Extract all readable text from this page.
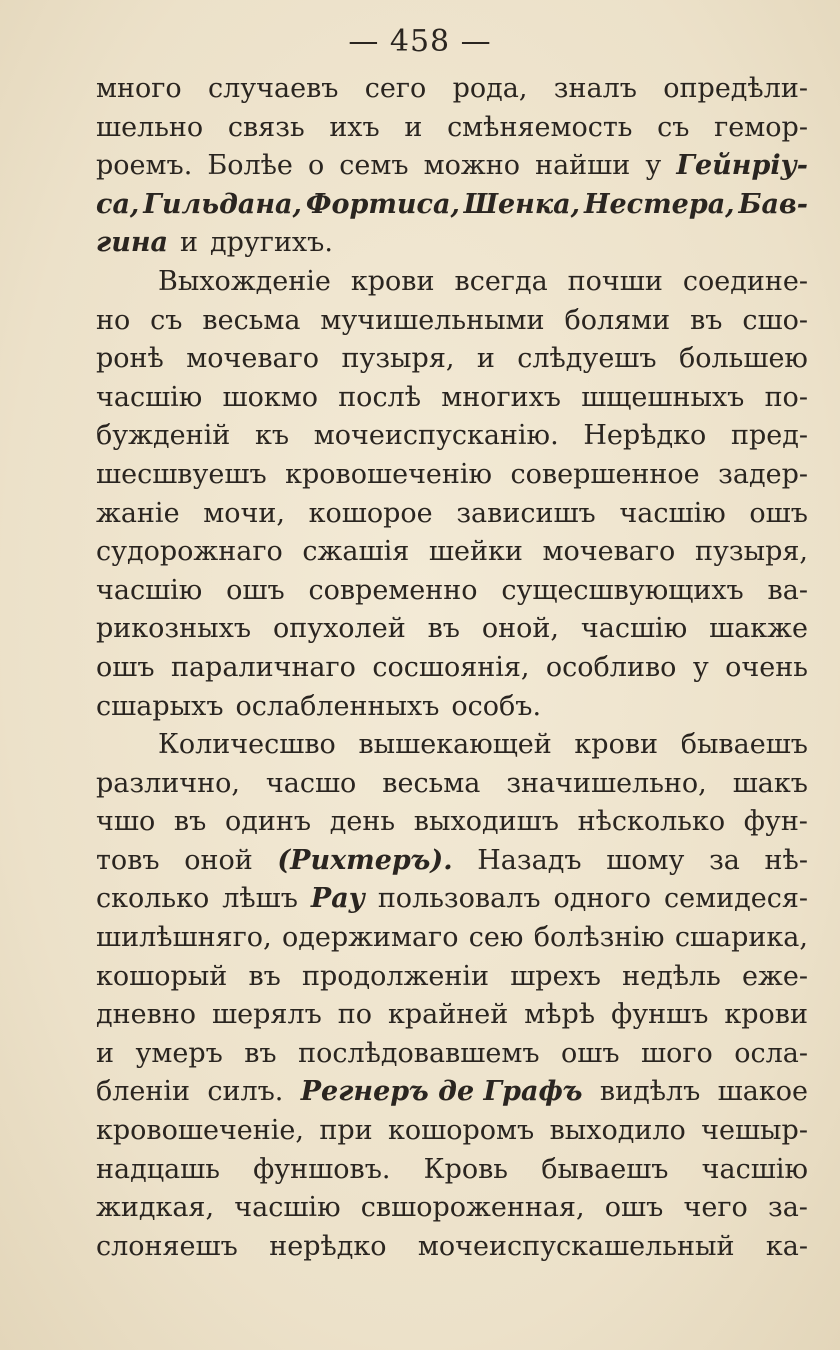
— 458 —
много случаевъ сего рода, зналъ опредѣли-
шельно связь ихъ и смѣняемость съ гемор-
роемъ. Болѣе о семъ можно найши у Гейнріу-
са, Гильдана, Фортиса, Шенка, Нестера, Бав-
гина и другихъ.
Выхожденіе крови всегда почши соедине-
но съ весьма мучишельными болями въ сшо-
ронѣ мочеваго пузыря, и слѣдуешъ большею
часшію шокмо послѣ многихъ шщешныхъ по-
бужденій къ мочеиспусканію. Нерѣдко пред-
шесшвуешъ кровошеченію совершенное задер-
жаніе мочи, кошорое зависишъ часшію ошъ
судорожнаго сжашія шейки мочеваго пузыря,
часшію ошъ современно сущесшвующихъ ва-
рикозныхъ опухолей въ оной, часшію шакже
ошъ параличнаго сосшоянія, особливо у очень
сшарыхъ ослабленныхъ особъ.
Количесшво вышекающей крови бываешъ
различно, часшо весьма значишельно, шакъ
чшо въ одинъ день выходишъ нѣсколько фун-
товъ оной (Рихтеръ). Назадъ шому за нѣ-
сколько лѣшъ Рау пользовалъ одного семидеся-
шилѣшняго, одержимаго сею болѣзнію сшарика,
кошорый въ продолженіи шрехъ недѣль еже-
дневно шерялъ по крайней мѣрѣ фуншъ крови
и умеръ въ послѣдовавшемъ ошъ шого осла-
бленіи силъ. Регнеръ де Графъ видѣлъ шакое
кровошеченіе, при кошоромъ выходило чешыр-
надцашь фуншовъ. Кровь бываешъ часшію
жидкая, часшію свшороженная, ошъ чего за-
слоняешъ нерѣдко мочеиспускашельный ка-
